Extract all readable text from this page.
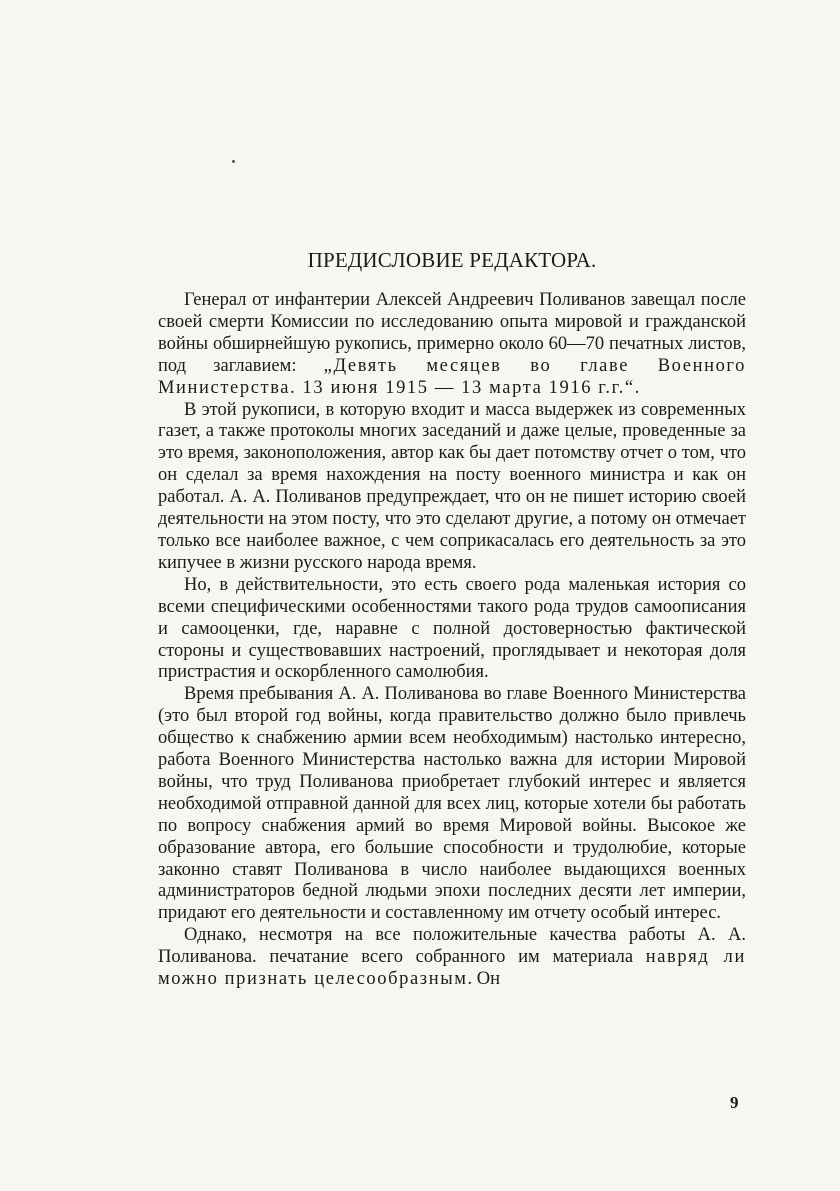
ПРЕДИСЛОВИЕ РЕДАКТОРА.

Генерал от инфантерии Алексей Андреевич Поливанов завещал после своей смерти Комиссии по исследованию опыта мировой и гражданской войны обширнейшую рукопись, примерно около 60—70 печатных листов, под заглавием: „Девять месяцев во главе Военного Министерства. 13 июня 1915 — 13 марта 1916 г.г.“.

В этой рукописи, в которую входит и масса выдержек из современных газет, а также протоколы многих заседаний и даже целые, проведенные за это время, законоположения, автор как бы дает потомству отчет о том, что он сделал за время нахождения на посту военного министра и как он работал. А. А. Поливанов предупреждает, что он не пишет историю своей деятельности на этом посту, что это сделают другие, а потому он отмечает только все наиболее важное, с чем соприкасалась его деятельность за это кипучее в жизни русского народа время.

Но, в действительности, это есть своего рода маленькая история со всеми специфическими особенностями такого рода трудов самоописания и самооценки, где, наравне с полной достоверностью фактической стороны и существовавших настроений, проглядывает и некоторая доля пристрастия и оскорбленного самолюбия.

Время пребывания А. А. Поливанова во главе Военного Министерства (это был второй год войны, когда правительство должно было привлечь общество к снабжению армии всем необходимым) настолько интересно, работа Военного Министерства настолько важна для истории Мировой войны, что труд Поливанова приобретает глубокий интерес и является необходимой отправной данной для всех лиц, которые хотели бы работать по вопросу снабжения армий во время Мировой войны. Высокое же образование автора, его большие способности и трудолюбие, которые законно ставят Поливанова в число наиболее выдающихся военных администраторов бедной людьми эпохи последних десяти лет империи, придают его деятельности и составленному им отчету особый интерес.

Однако, несмотря на все положительные качества работы А. А. Поливанова. печатание всего собранного им материала навряд ли можно признать целесообразным. Он

9
